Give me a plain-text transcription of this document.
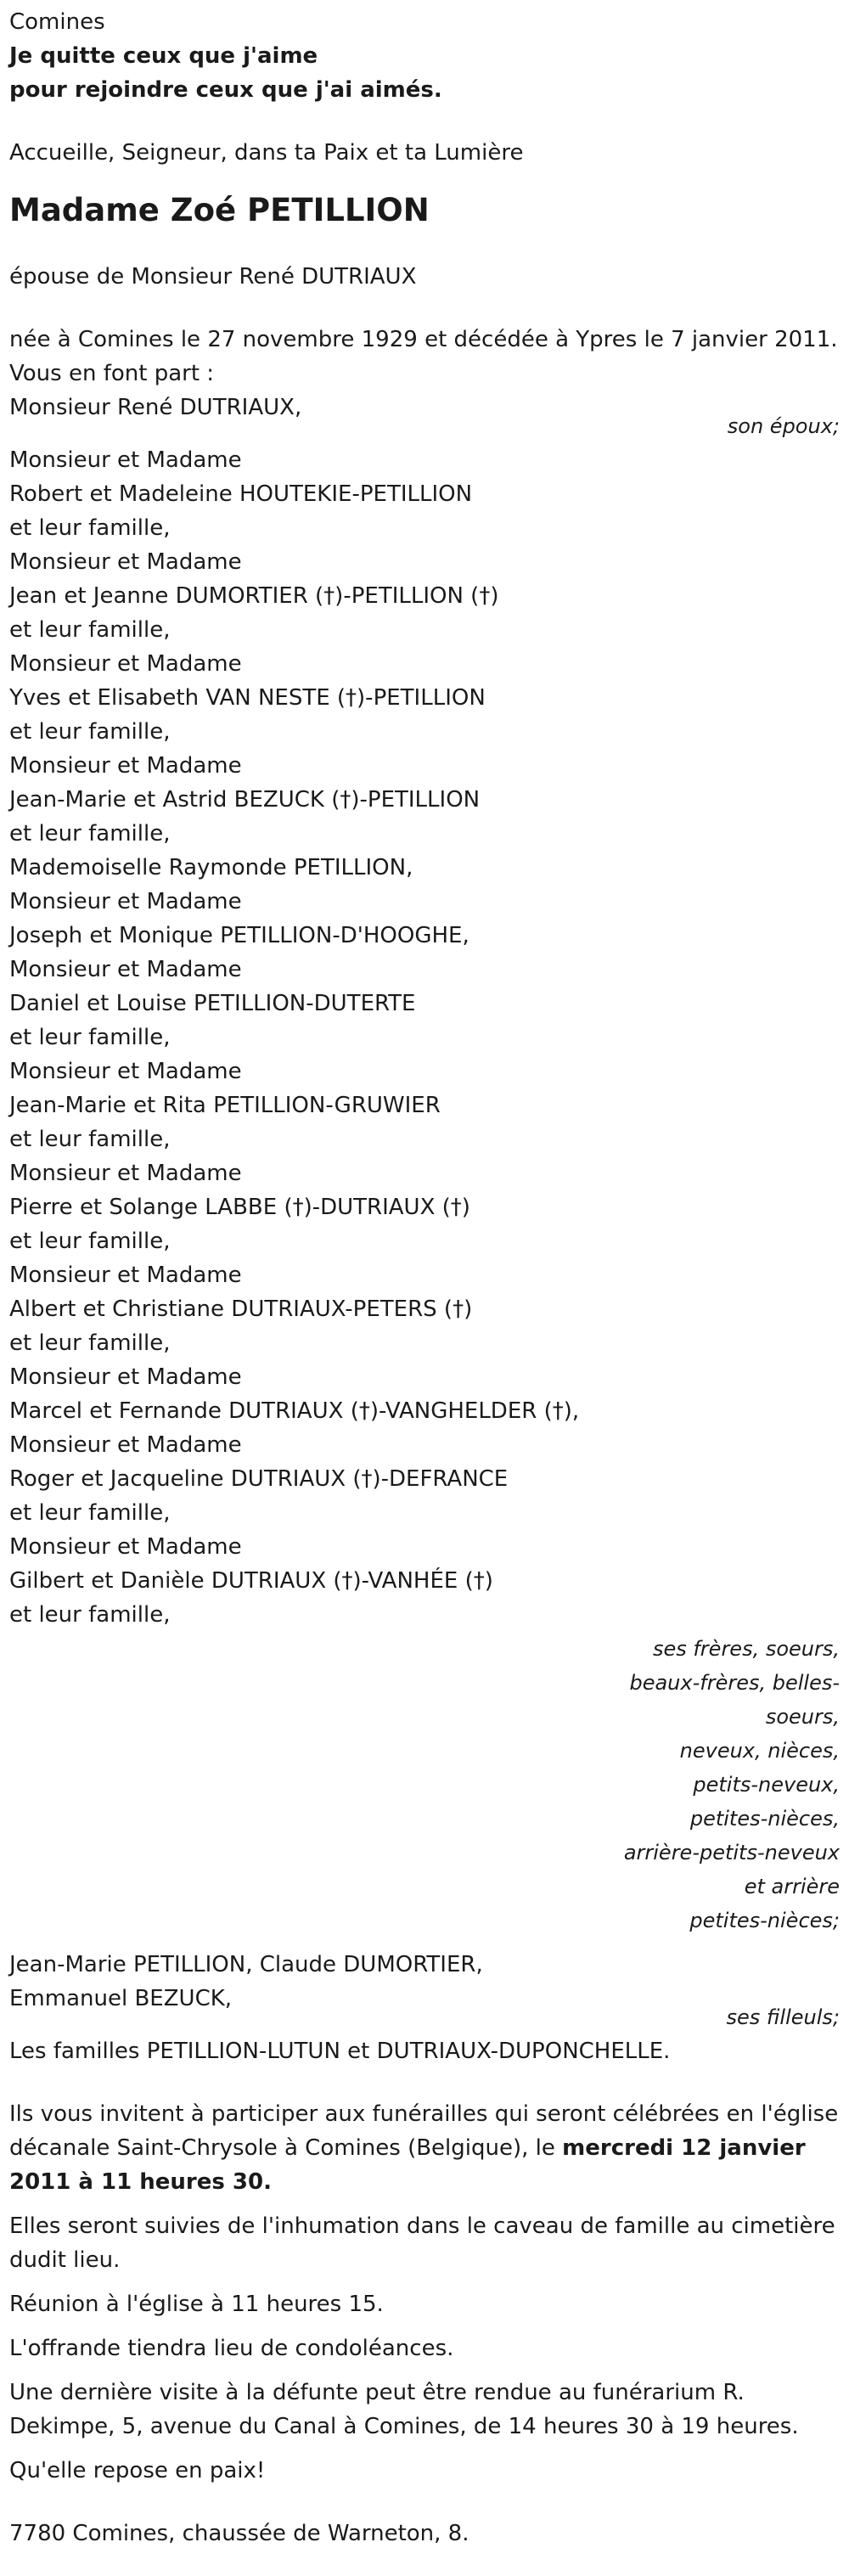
Comines
Je quitte ceux que j'aime
pour rejoindre ceux que j'ai aimés.
Accueille, Seigneur, dans ta Paix et ta Lumière
Madame Zoé PETILLION
épouse de Monsieur René DUTRIAUX
née à Comines le 27 novembre 1929 et décédée à Ypres le 7 janvier 2011.
Vous en font part :
Monsieur René DUTRIAUX,
son époux;
Monsieur et Madame
Robert et Madeleine HOUTEKIE-PETILLION
et leur famille,
Monsieur et Madame
Jean et Jeanne DUMORTIER (†)-PETILLION (†)
et leur famille,
Monsieur et Madame
Yves et Elisabeth VAN NESTE (†)-PETILLION
et leur famille,
Monsieur et Madame
Jean-Marie et Astrid BEZUCK (†)-PETILLION
et leur famille,
Mademoiselle Raymonde PETILLION,
Monsieur et Madame
Joseph et Monique PETILLION-D'HOOGHE,
Monsieur et Madame
Daniel et Louise PETILLION-DUTERTE
et leur famille,
Monsieur et Madame
Jean-Marie et Rita PETILLION-GRUWIER
et leur famille,
Monsieur et Madame
Pierre et Solange LABBE (†)-DUTRIAUX (†)
et leur famille,
Monsieur et Madame
Albert et Christiane DUTRIAUX-PETERS (†)
et leur famille,
Monsieur et Madame
Marcel et Fernande DUTRIAUX (†)-VANGHELDER (†),
Monsieur et Madame
Roger et Jacqueline DUTRIAUX (†)-DEFRANCE
et leur famille,
Monsieur et Madame
Gilbert et Danièle DUTRIAUX (†)-VANHÉE (†)
et leur famille,
ses frères, soeurs,
beaux-frères, belles-soeurs,
neveux, nièces,
petits-neveux,
petites-nièces,
arrière-petits-neveux et arrière
petites-nièces;
Jean-Marie PETILLION, Claude DUMORTIER,
Emmanuel BEZUCK,
ses filleuls;
Les familles PETILLION-LUTUN et DUTRIAUX-DUPONCHELLE.
Ils vous invitent à participer aux funérailles qui seront célébrées en l'église décanale Saint-Chrysole à Comines (Belgique), le mercredi 12 janvier 2011 à 11 heures 30.
Elles seront suivies de l'inhumation dans le caveau de famille au cimetière dudit lieu.
Réunion à l'église à 11 heures 15.
L'offrande tiendra lieu de condoléances.
Une dernière visite à la défunte peut être rendue au funérarium R. Dekimpe, 5, avenue du Canal à Comines, de 14 heures 30 à 19 heures.
Qu'elle repose en paix!
7780 Comines, chaussée de Warneton, 8.
